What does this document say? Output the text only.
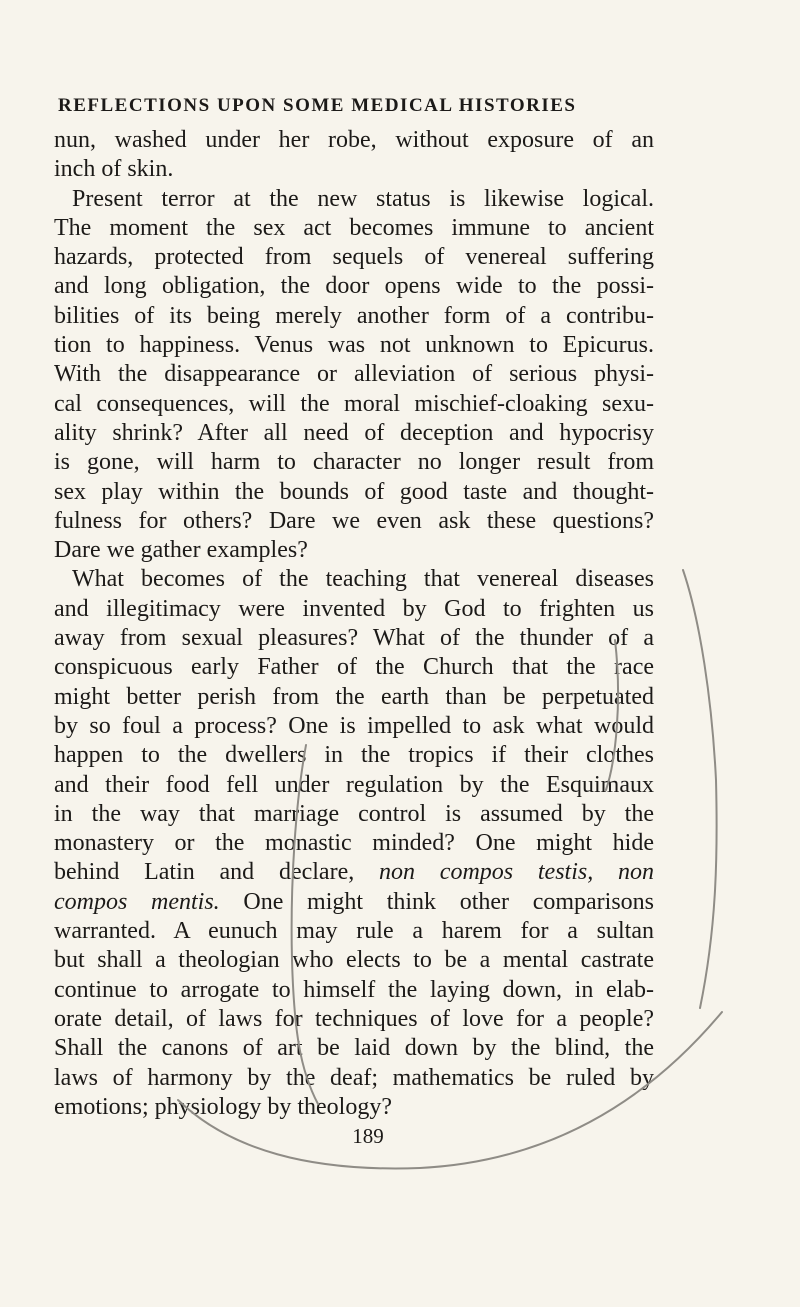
REFLECTIONS UPON SOME MEDICAL HISTORIES
nun, washed under her robe, without exposure of an
inch of skin.
Present terror at the new status is likewise logical.
The moment the sex act becomes immune to ancient
hazards, protected from sequels of venereal suffering
and long obligation, the door opens wide to the possi-
bilities of its being merely another form of a contribu-
tion to happiness. Venus was not unknown to Epicurus.
With the disappearance or alleviation of serious physi-
cal consequences, will the moral mischief-cloaking sexu-
ality shrink? After all need of deception and hypocrisy
is gone, will harm to character no longer result from
sex play within the bounds of good taste and thought-
fulness for others? Dare we even ask these questions?
Dare we gather examples?
What becomes of the teaching that venereal diseases
and illegitimacy were invented by God to frighten us
away from sexual pleasures? What of the thunder of a
conspicuous early Father of the Church that the race
might better perish from the earth than be perpetuated
by so foul a process? One is impelled to ask what would
happen to the dwellers in the tropics if their clothes
and their food fell under regulation by the Esquimaux
in the way that marriage control is assumed by the
monastery or the monastic minded? One might hide
behind Latin and declare, non compos testis, non
compos mentis. One might think other comparisons
warranted. A eunuch may rule a harem for a sultan
but shall a theologian who elects to be a mental castrate
continue to arrogate to himself the laying down, in elab-
orate detail, of laws for techniques of love for a people?
Shall the canons of art be laid down by the blind, the
laws of harmony by the deaf; mathematics be ruled by
emotions; physiology by theology?
189
